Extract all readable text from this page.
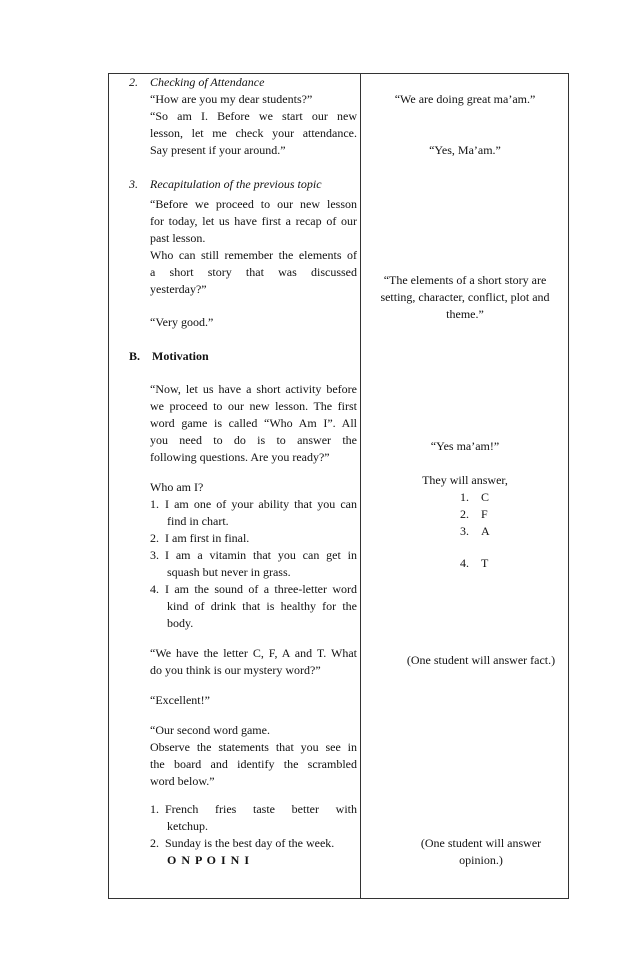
2. Checking of Attendance
“How are you my dear students?”
“So am I. Before we start our new
lesson, let me check your attendance.
Say present if your around.”
3. Recapitulation of the previous topic
“Before we proceed to our new lesson
for today, let us have first a recap of our
past lesson.
Who can still remember the elements of
a short story that was discussed
yesterday?”
“Very good.”
B. Motivation
“Now, let us have a short activity before
we proceed to our new lesson. The first
word game is called “Who Am I”. All
you need to do is to answer the
following questions. Are you ready?”
Who am I?
1. I am one of your ability that you can
find in chart.
2. I am first in final.
3. I am a vitamin that you can get in
squash but never in grass.
4. I am the sound of a three-letter word
kind of drink that is healthy for the
body.
“We have the letter C, F, A and T. What
do you think is our mystery word?”
“Excellent!”
“Our second word game.
Observe the statements that you see in
the board and identify the scrambled
word below.”
1. French fries taste better with
ketchup.
2. Sunday is the best day of the week.
O N P O I N I
“We are doing great ma’am.”
“Yes, Ma’am.”
“The elements of a short story are
setting, character, conflict, plot and
theme.”
“Yes ma’am!”
They will answer,
1. C
2. F
3. A
4. T
(One student will answer fact.)
(One student will answer
opinion.)
